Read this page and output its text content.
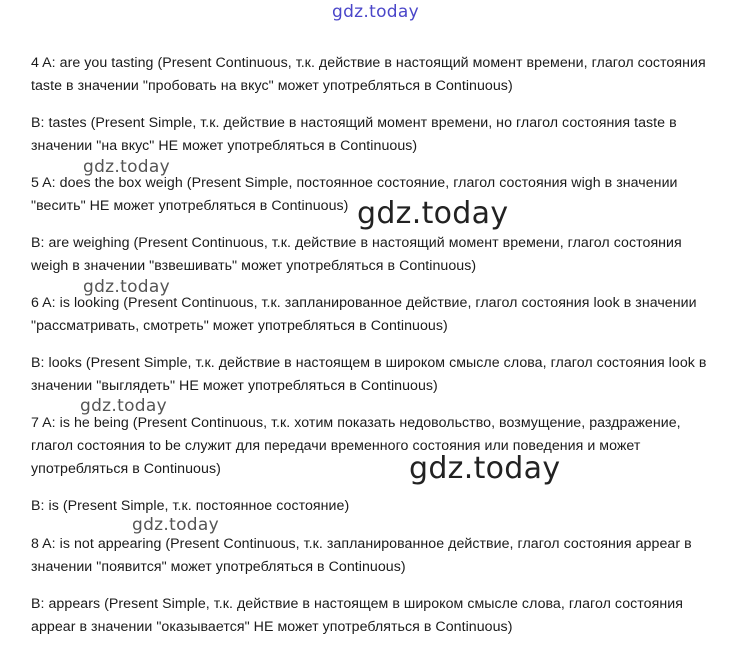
gdz.today
4 A: are you tasting (Present Continuous, т.к. действие в настоящий момент времени, глагол состояния taste в значении "пробовать на вкус" может употребляться в Continuous)
B: tastes (Present Simple, т.к. действие в настоящий момент времени, но глагол состояния taste в значении "на вкус" НЕ может употребляться в Continuous)
5 A: does the box weigh (Present Simple, постоянное состояние, глагол состояния wigh в значении "весить" НЕ может употребляться в Continuous)
B: are weighing (Present Continuous, т.к. действие в настоящий момент времени, глагол состояния weigh в значении "взвешивать" может употребляться в Continuous)
6 A: is looking (Present Continuous, т.к. запланированное действие, глагол состояния look в значении "рассматривать, смотреть" может употребляться в Continuous)
B: looks (Present Simple, т.к. действие в настоящем в широком смысле слова, глагол состояния look в значении "выглядеть" НЕ может употребляться в Continuous)
7 A: is he being (Present Continuous, т.к. хотим показать недовольство, возмущение, раздражение, глагол состояния to be служит для передачи временного состояния или поведения и может употребляться в Continuous)
B: is (Present Simple, т.к. постоянное состояние)
8 A: is not appearing (Present Continuous, т.к. запланированное действие, глагол состояния appear в значении "появится" может употребляться в Continuous)
B: appears (Present Simple, т.к. действие в настоящем в широком смысле слова, глагол состояния appear в значении "оказывается" НЕ может употребляться в Continuous)
gdz.today
gdz.today
gdz.today
gdz.today
gdz.today
gdz.today
